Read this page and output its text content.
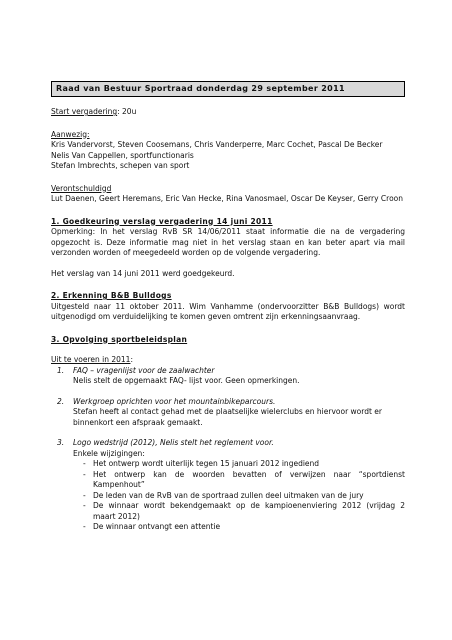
Raad van Bestuur Sportraad donderdag 29 september 2011

Start vergadering: 20u

Aanwezig:

Kris Vandervorst, Steven Coosemans, Chris Vanderperre, Marc Cochet, Pascal De Becker

Nelis Van Cappellen, sportfunctionaris

Stefan Imbrechts, schepen van sport

Verontschuldigd

Lut Daenen, Geert Heremans, Eric Van Hecke, Rina Vanosmael, Oscar De Keyser, Gerry Croon

1. Goedkeuring verslag vergadering 14 juni 2011

Opmerking: In het verslag RvB SR 14/06/2011 staat informatie die na de vergadering opgezocht is. Deze informatie mag niet in het verslag staan en kan beter apart via mail verzonden worden of meegedeeld worden op de volgende vergadering.

Het verslag van 14 juni 2011 werd goedgekeurd.

2. Erkenning B&B Bulldogs

Uitgesteld naar 11 oktober 2011. Wim Vanhamme (ondervoorzitter B&B Bulldogs) wordt uitgenodigd om verduidelijking te komen geven omtrent zijn erkenningsaanvraag.

3. Opvolging sportbeleidsplan

Uit te voeren in 2011:

1. FAQ – vragenlijst voor de zaalwachter

Nelis stelt de opgemaakt FAQ- lijst voor. Geen opmerkingen.

2. Werkgroep oprichten voor het mountainbikeparcours.

Stefan heeft al contact gehad met de plaatselijke wielerclubs en hiervoor wordt er binnenkort een afspraak gemaakt.

3. Logo wedstrijd (2012), Nelis stelt het reglement voor.

Enkele wijzigingen:

- Het ontwerp wordt uiterlijk tegen 15 januari 2012 ingediend
- Het ontwerp kan de woorden bevatten of verwijzen naar “sportdienst Kampenhout”
- De leden van de RvB van de sportraad zullen deel uitmaken van de jury
- De winnaar wordt bekendgemaakt op de kampioenenviering 2012 (vrijdag 2 maart 2012)
- De winnaar ontvangt een attentie
